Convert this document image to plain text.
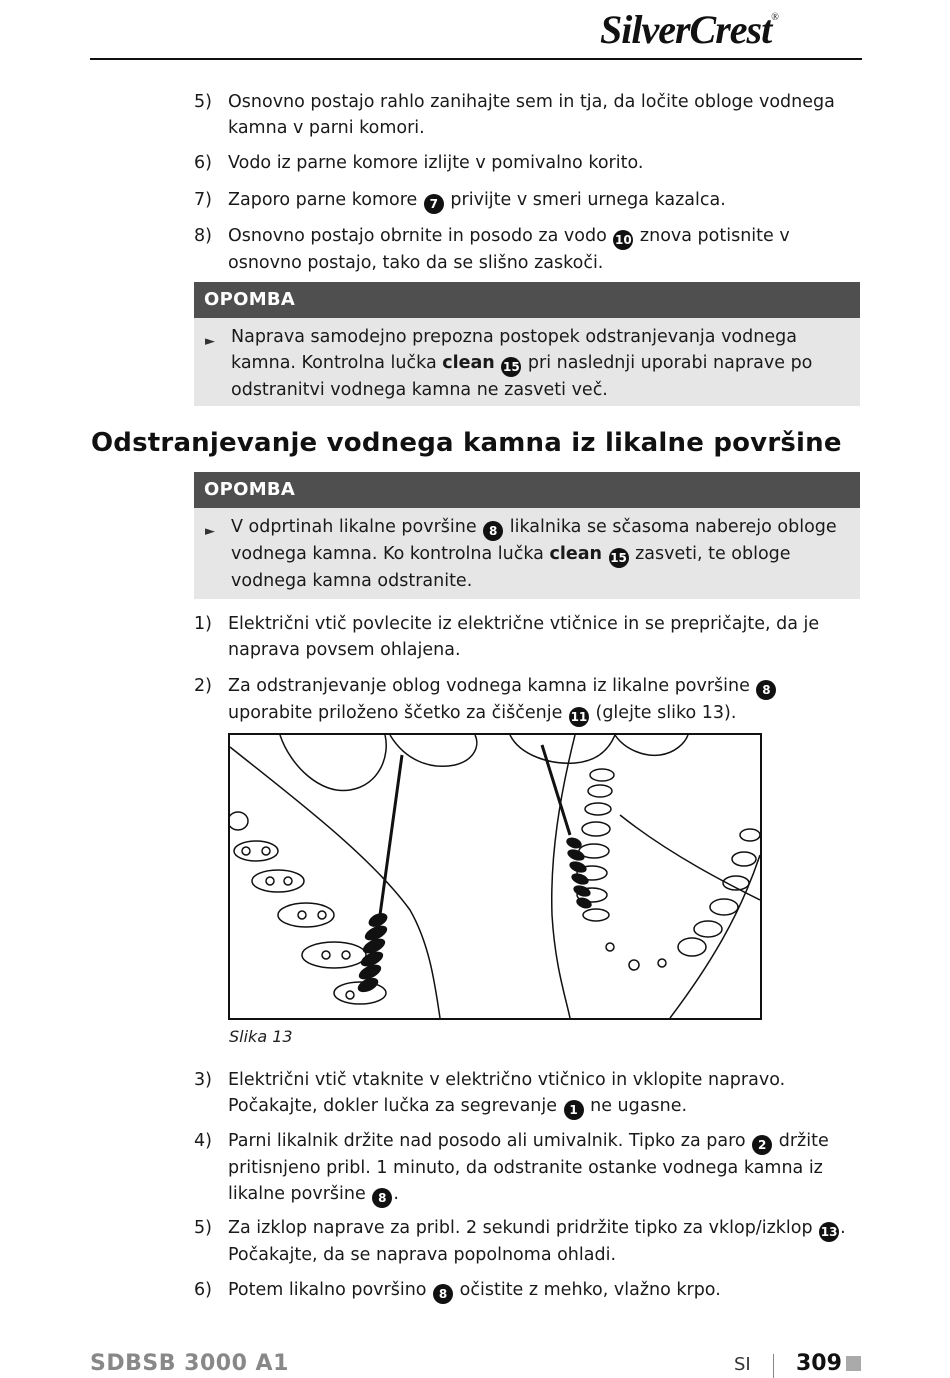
SilverCrest®
5) Osnovno postajo rahlo zanihajte sem in tja, da ločite obloge vodnega kamna v parni komori.
6) Vodo iz parne komore izlijte v pomivalno korito.
7) Zaporo parne komore 7 privijte v smeri urnega kazalca.
8) Osnovno postajo obrnite in posodo za vodo 10 znova potisnite v osnovno postajo, tako da se slišno zaskoči.
OPOMBA
► Naprava samodejno prepozna postopek odstranjevanja vodnega kamna. Kontrolna lučka clean 15 pri naslednji uporabi naprave po odstranitvi vodnega kamna ne zasveti več.
Odstranjevanje vodnega kamna iz likalne površine
OPOMBA
► V odprtinah likalne površine 8 likalnika se sčasoma naberejo obloge vodnega kamna. Ko kontrolna lučka clean 15 zasveti, te obloge vodnega kamna odstranite.
1) Električni vtič povlecite iz električne vtičnice in se prepričajte, da je naprava povsem ohlajena.
2) Za odstranjevanje oblog vodnega kamna iz likalne površine 8 uporabite priloženo ščetko za čiščenje 11 (glejte sliko 13).
Slika 13
3) Električni vtič vtaknite v električno vtičnico in vklopite napravo. Počakajte, dokler lučka za segrevanje 1 ne ugasne.
4) Parni likalnik držite nad posodo ali umivalnik. Tipko za paro 2 držite pritisnjeno pribl. 1 minuto, da odstranite ostanke vodnega kamna iz likalne površine 8 .
5) Za izklop naprave za pribl. 2 sekundi pridržite tipko za vklop/izklop 13 . Počakajte, da se naprava popolnoma ohladi.
6) Potem likalno površino 8 očistite z mehko, vlažno krpo.
SDBSB 3000 A1	SI 309
